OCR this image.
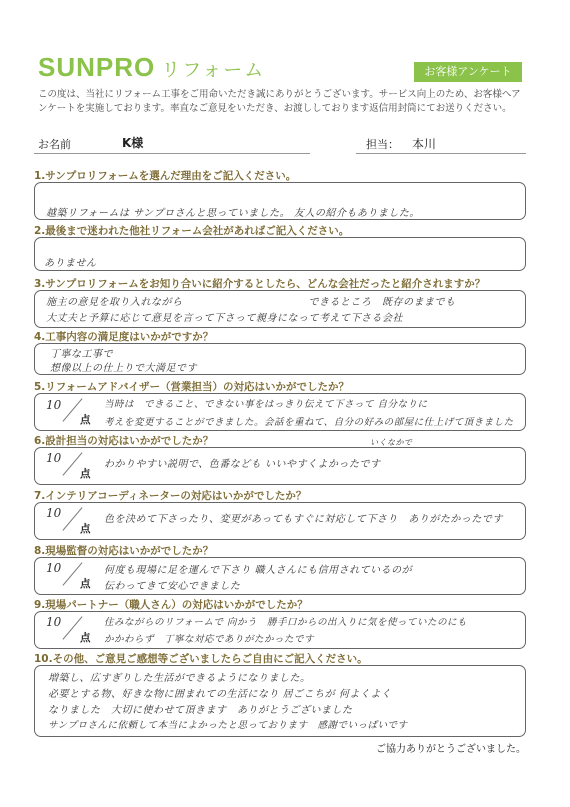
SUNPRO リフォーム	お客様アンケート
この度は、当社にリフォーム工事をご用命いただき誠にありがとうございます。サービス向上のため、お客様へアンケートを実施しております。率直なご意見をいただき、お渡ししております返信用封筒にてお送りください。
お名前	K様	担当： 本川
1.サンプロリフォームを選んだ理由をご記入ください。
越築リフォームは サンプロさんと思っていました。 友人の紹介もありました。
2.最後まで迷われた他社リフォーム会社があればご記入ください。
ありません
3.サンプロリフォームをお知り合いに紹介するとしたら、どんな会社だったと紹介されますか？
施主の意見を取り入れながら　　　　　　　　　　　　できるところ　既存のままでも
大丈夫と予算に応じて意見を言って下さって親身になって考えて下さる会社
4.工事内容の満足度はいかがですか？
丁寧な工事で
想像以上の仕上りで大満足です
5.リフォームアドバイザー（営業担当）の対応はいかがでしたか？
10
点
当時は　できること、できない事をはっきり伝えて下さって 自分なりに
考えを変更することができました。会話を重ねて、自分の好みの部屋に仕上げて頂きました
6.設計担当の対応はいかがでしたか？
10
点
いくなかで
わかりやすい説明で、色番なども いいやすくよかったです
7.インテリアコーディネーターの対応はいかがでしたか？
10
点
色を決めて下さったり、変更があってもすぐに対応して下さり　ありがたかったです
8.現場監督の対応はいかがでしたか？
10
点
何度も現場に足を運んで下さり 職人さんにも信用されているのが
伝わってきて安心できました
9.現場パートナー（職人さん）の対応はいかがでしたか？
10
点
住みながらのリフォームで 向かう　勝手口からの出入りに気を使っていたのにも
かかわらず　丁寧な対応でありがたかったです
10.その他、ご意見ご感想等ございましたらご自由にご記入ください。
増築し、広すぎりした生活ができるようになりました。
必要とする物、好きな物に囲まれての生活になり 居ごこちが 何よくよく
なりました　大切に使わせて頂きます　ありがとうございました
サンプロさんに依頼して本当によかったと思っております　感謝でいっぱいです
ご協力ありがとうございました。
